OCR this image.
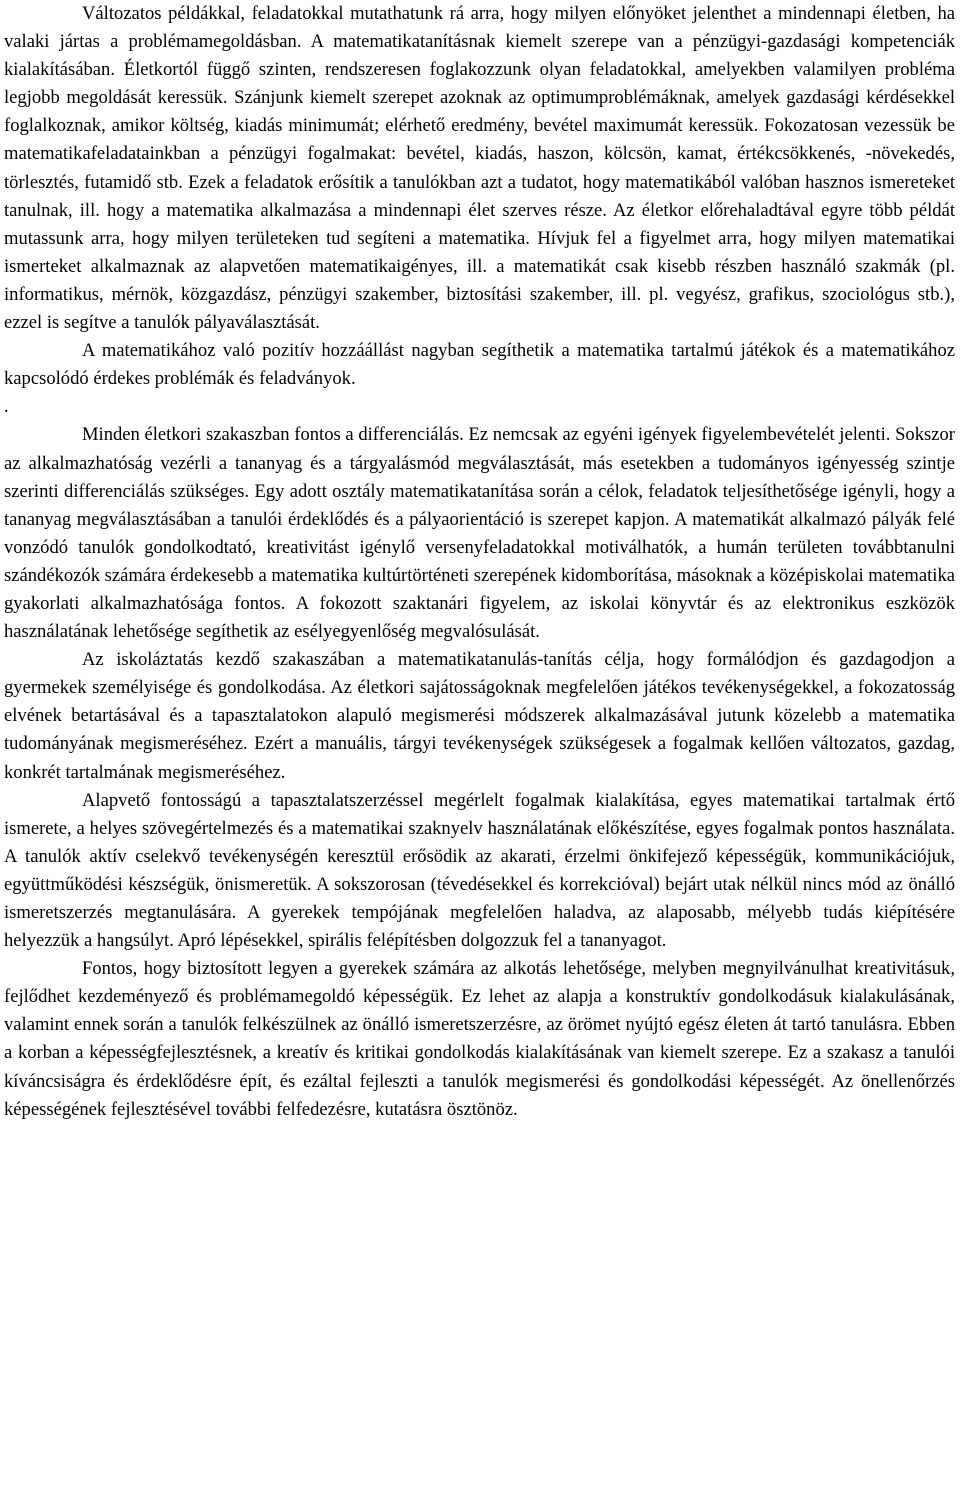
Változatos példákkal, feladatokkal mutathatunk rá arra, hogy milyen előnyöket jelenthet a mindennapi életben, ha valaki jártas a problémamegoldásban. A matematikatanításnak kiemelt szerepe van a pénzügyi-gazdasági kompetenciák kialakításában. Életkortól függő szinten, rendszeresen foglakozzunk olyan feladatokkal, amelyekben valamilyen probléma legjobb megoldását keressük. Szánjunk kiemelt szerepet azoknak az optimumproblémáknak, amelyek gazdasági kérdésekkel foglalkoznak, amikor költség, kiadás minimumát; elérhető eredmény, bevétel maximumát keressük. Fokozatosan vezessük be matematikafeladatainkban a pénzügyi fogalmakat: bevétel, kiadás, haszon, kölcsön, kamat, értékcsökkenés, -növekedés, törlesztés, futamidő stb. Ezek a feladatok erősítik a tanulókban azt a tudatot, hogy matematikából valóban hasznos ismereteket tanulnak, ill. hogy a matematika alkalmazása a mindennapi élet szerves része. Az életkor előrehaladtával egyre több példát mutassunk arra, hogy milyen területeken tud segíteni a matematika. Hívjuk fel a figyelmet arra, hogy milyen matematikai ismerteket alkalmaznak az alapvetően matematikaigényes, ill. a matematikát csak kisebb részben használó szakmák (pl. informatikus, mérnök, közgazdász, pénzügyi szakember, biztosítási szakember, ill. pl. vegyész, grafikus, szociológus stb.), ezzel is segítve a tanulók pályaválasztását.

A matematikához való pozitív hozzáállást nagyban segíthetik a matematika tartalmú játékok és a matematikához kapcsolódó érdekes problémák és feladványok.

.

Minden életkori szakaszban fontos a differenciálás. Ez nemcsak az egyéni igények figyelembevételét jelenti. Sokszor az alkalmazhatóság vezérli a tananyag és a tárgyalásmód megválasztását, más esetekben a tudományos igényesség szintje szerinti differenciálás szükséges. Egy adott osztály matematikatanítása során a célok, feladatok teljesíthetősége igényli, hogy a tananyag megválasztásában a tanulói érdeklődés és a pályaorientáció is szerepet kapjon. A matematikát alkalmazó pályák felé vonzódó tanulók gondolkodtató, kreativitást igénylő versenyfeladatokkal motiválhatók, a humán területen továbbtanulni szándékozók számára érdekesebb a matematika kultúrtörténeti szerepének kidomborítása, másoknak a középiskolai matematika gyakorlati alkalmazhatósága fontos. A fokozott szaktanári figyelem, az iskolai könyvtár és az elektronikus eszközök használatának lehetősége segíthetik az esélyegyenlőség megvalósulását.

Az iskoláztatás kezdő szakaszában a matematikatanulás-tanítás célja, hogy formálódjon és gazdagodjon a gyermekek személyisége és gondolkodása. Az életkori sajátosságoknak megfelelően játékos tevékenységekkel, a fokozatosság elvének betartásával és a tapasztalatokon alapuló megismerési módszerek alkalmazásával jutunk közelebb a matematika tudományának megismeréséhez. Ezért a manuális, tárgyi tevékenységek szükségesek a fogalmak kellően változatos, gazdag, konkrét tartalmának megismeréséhez.

Alapvető fontosságú a tapasztalatszerzéssel megérlelt fogalmak kialakítása, egyes matematikai tartalmak értő ismerete, a helyes szövegértelmezés és a matematikai szaknyelv használatának előkészítése, egyes fogalmak pontos használata. A tanulók aktív cselekvő tevékenységén keresztül erősödik az akarati, érzelmi önkifejező képességük, kommunikációjuk, együttműködési készségük, önismeretük. A sokszorosan (tévedésekkel és korrekcióval) bejárt utak nélkül nincs mód az önálló ismeretszerzés megtanulására. A gyerekek tempójának megfelelően haladva, az alaposabb, mélyebb tudás kiépítésére helyezzük a hangsúlyt. Apró lépésekkel, spirális felépítésben dolgozzuk fel a tananyagot.

Fontos, hogy biztosított legyen a gyerekek számára az alkotás lehetősége, melyben megnyilvánulhat kreativitásuk, fejlődhet kezdeményező és problémamegoldó képességük. Ez lehet az alapja a konstruktív gondolkodásuk kialakulásának, valamint ennek során a tanulók felkészülnek az önálló ismeretszerzésre, az örömet nyújtó egész életen át tartó tanulásra. Ebben a korban a képességfejlesztésnek, a kreatív és kritikai gondolkodás kialakításának van kiemelt szerepe. Ez a szakasz a tanulói kíváncsiságra és érdeklődésre épít, és ezáltal fejleszti a tanulók megismerési és gondolkodási képességét. Az önellenőrzés képességének fejlesztésével további felfedezésre, kutatásra ösztönöz.
